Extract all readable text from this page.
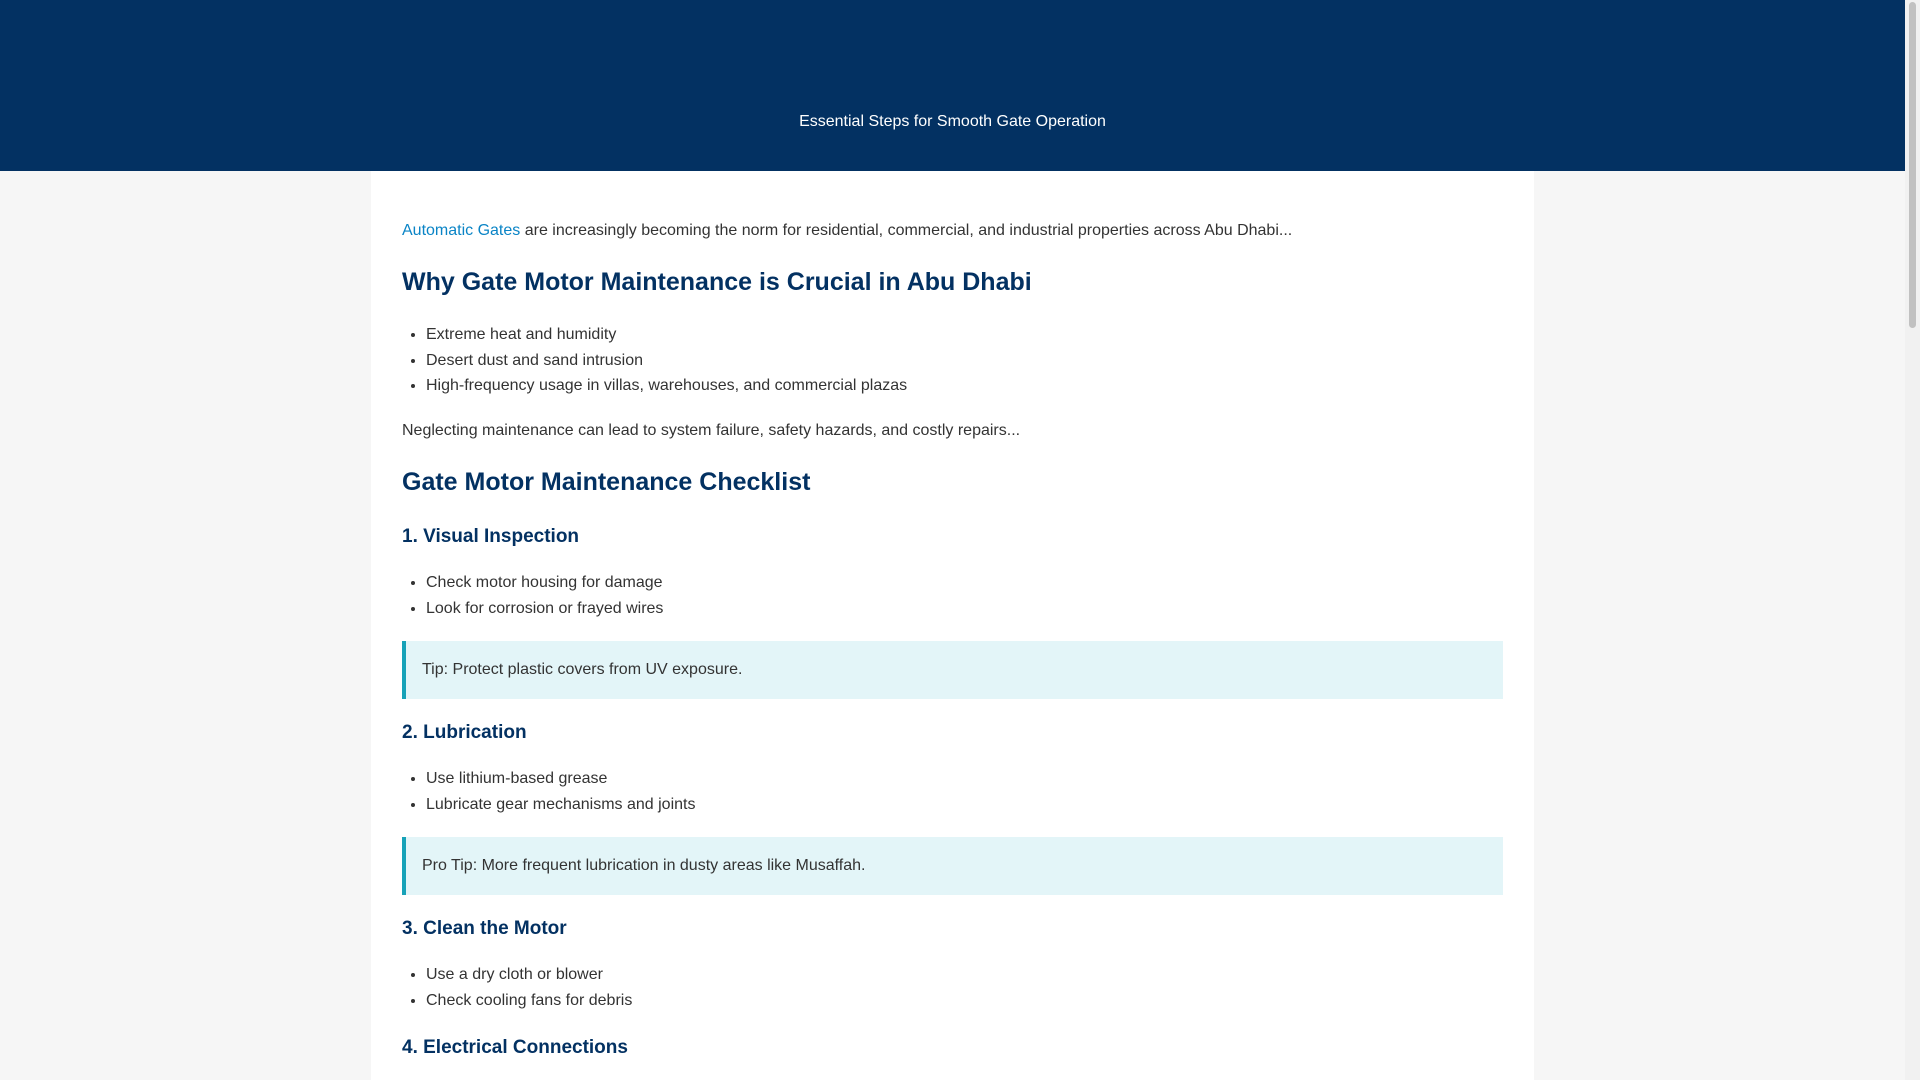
Essential Steps for Smooth Gate Operation

Automatic Gates are increasingly becoming the norm for residential, commercial, and industrial properties across Abu Dhabi...

Why Gate Motor Maintenance is Crucial in Abu Dhabi
• Extreme heat and humidity
• Desert dust and sand intrusion
• High-frequency usage in villas, warehouses, and commercial plazas

Neglecting maintenance can lead to system failure, safety hazards, and costly repairs...

Gate Motor Maintenance Checklist
1. Visual Inspection
• Check motor housing for damage
• Look for corrosion or frayed wires
Tip: Protect plastic covers from UV exposure.
2. Lubrication
• Use lithium-based grease
• Lubricate gear mechanisms and joints
Pro Tip: More frequent lubrication in dusty areas like Musaffah.
3. Clean the Motor
• Use a dry cloth or blower
• Check cooling fans for debris
4. Electrical Connections
